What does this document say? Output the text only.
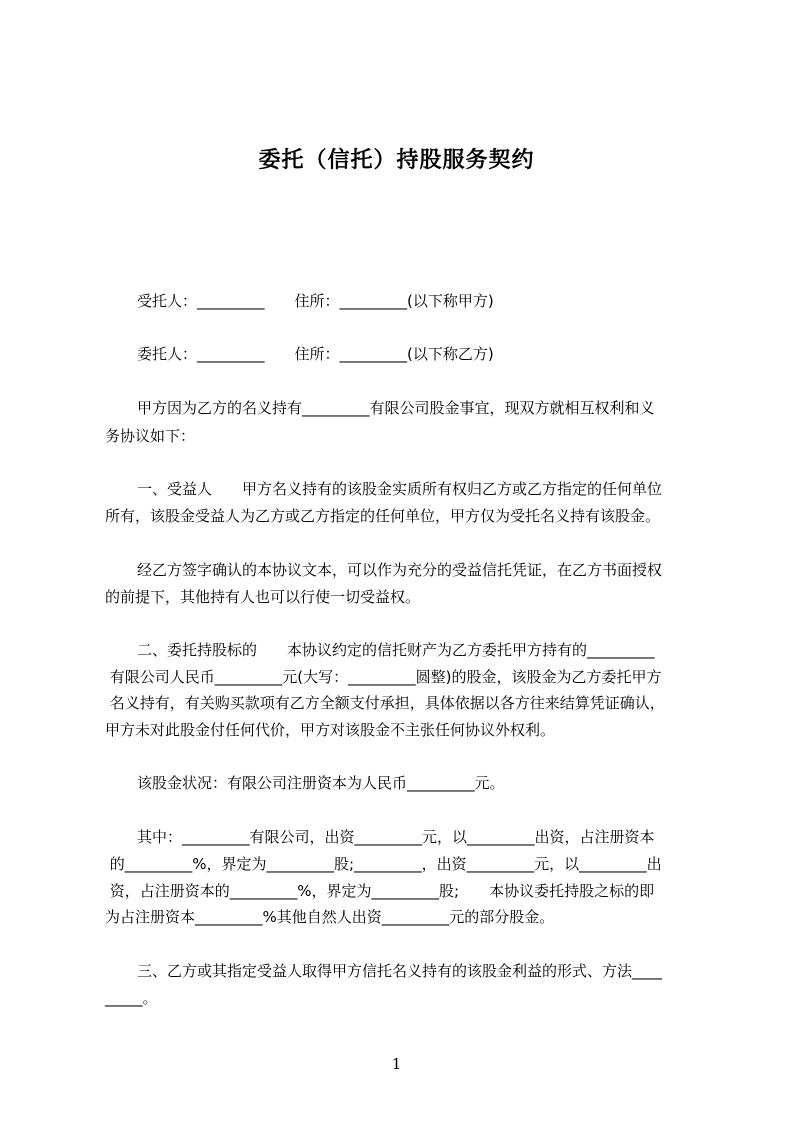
委托（信托）持股服务契约
受托人：_________ 住所：_________(以下称甲方)
委托人：_________ 住所：_________(以下称乙方)
甲方因为乙方的名义持有_________有限公司股金事宜，现双方就相互权利和义
务协议如下：
一、受益人 甲方名义持有的该股金实质所有权归乙方或乙方指定的任何单位
所有，该股金受益人为乙方或乙方指定的任何单位，甲方仅为受托名义持有该股金。
经乙方签字确认的本协议文本，可以作为充分的受益信托凭证，在乙方书面授权
的前提下，其他持有人也可以行使一切受益权。
二、委托持股标的 本协议约定的信托财产为乙方委托甲方持有的_________
有限公司人民币_________元(大写：_________圆整)的股金，该股金为乙方委托甲方
名义持有，有关购买款项有乙方全额支付承担，具体依据以各方往来结算凭证确认，
甲方未对此股金付任何代价，甲方对该股金不主张任何协议外权利。
该股金状况：有限公司注册资本为人民币_________元。
其中：_________有限公司，出资_________元，以_________出资，占注册资本
的_________%，界定为_________股;_________，出资_________元，以_________出
资，占注册资本的_________%，界定为_________股; 本协议委托持股之标的即
为占注册资本_________%其他自然人出资_________元的部分股金。
三、乙方或其指定受益人取得甲方信托名义持有的该股金利益的形式、方法____
_____。
1
